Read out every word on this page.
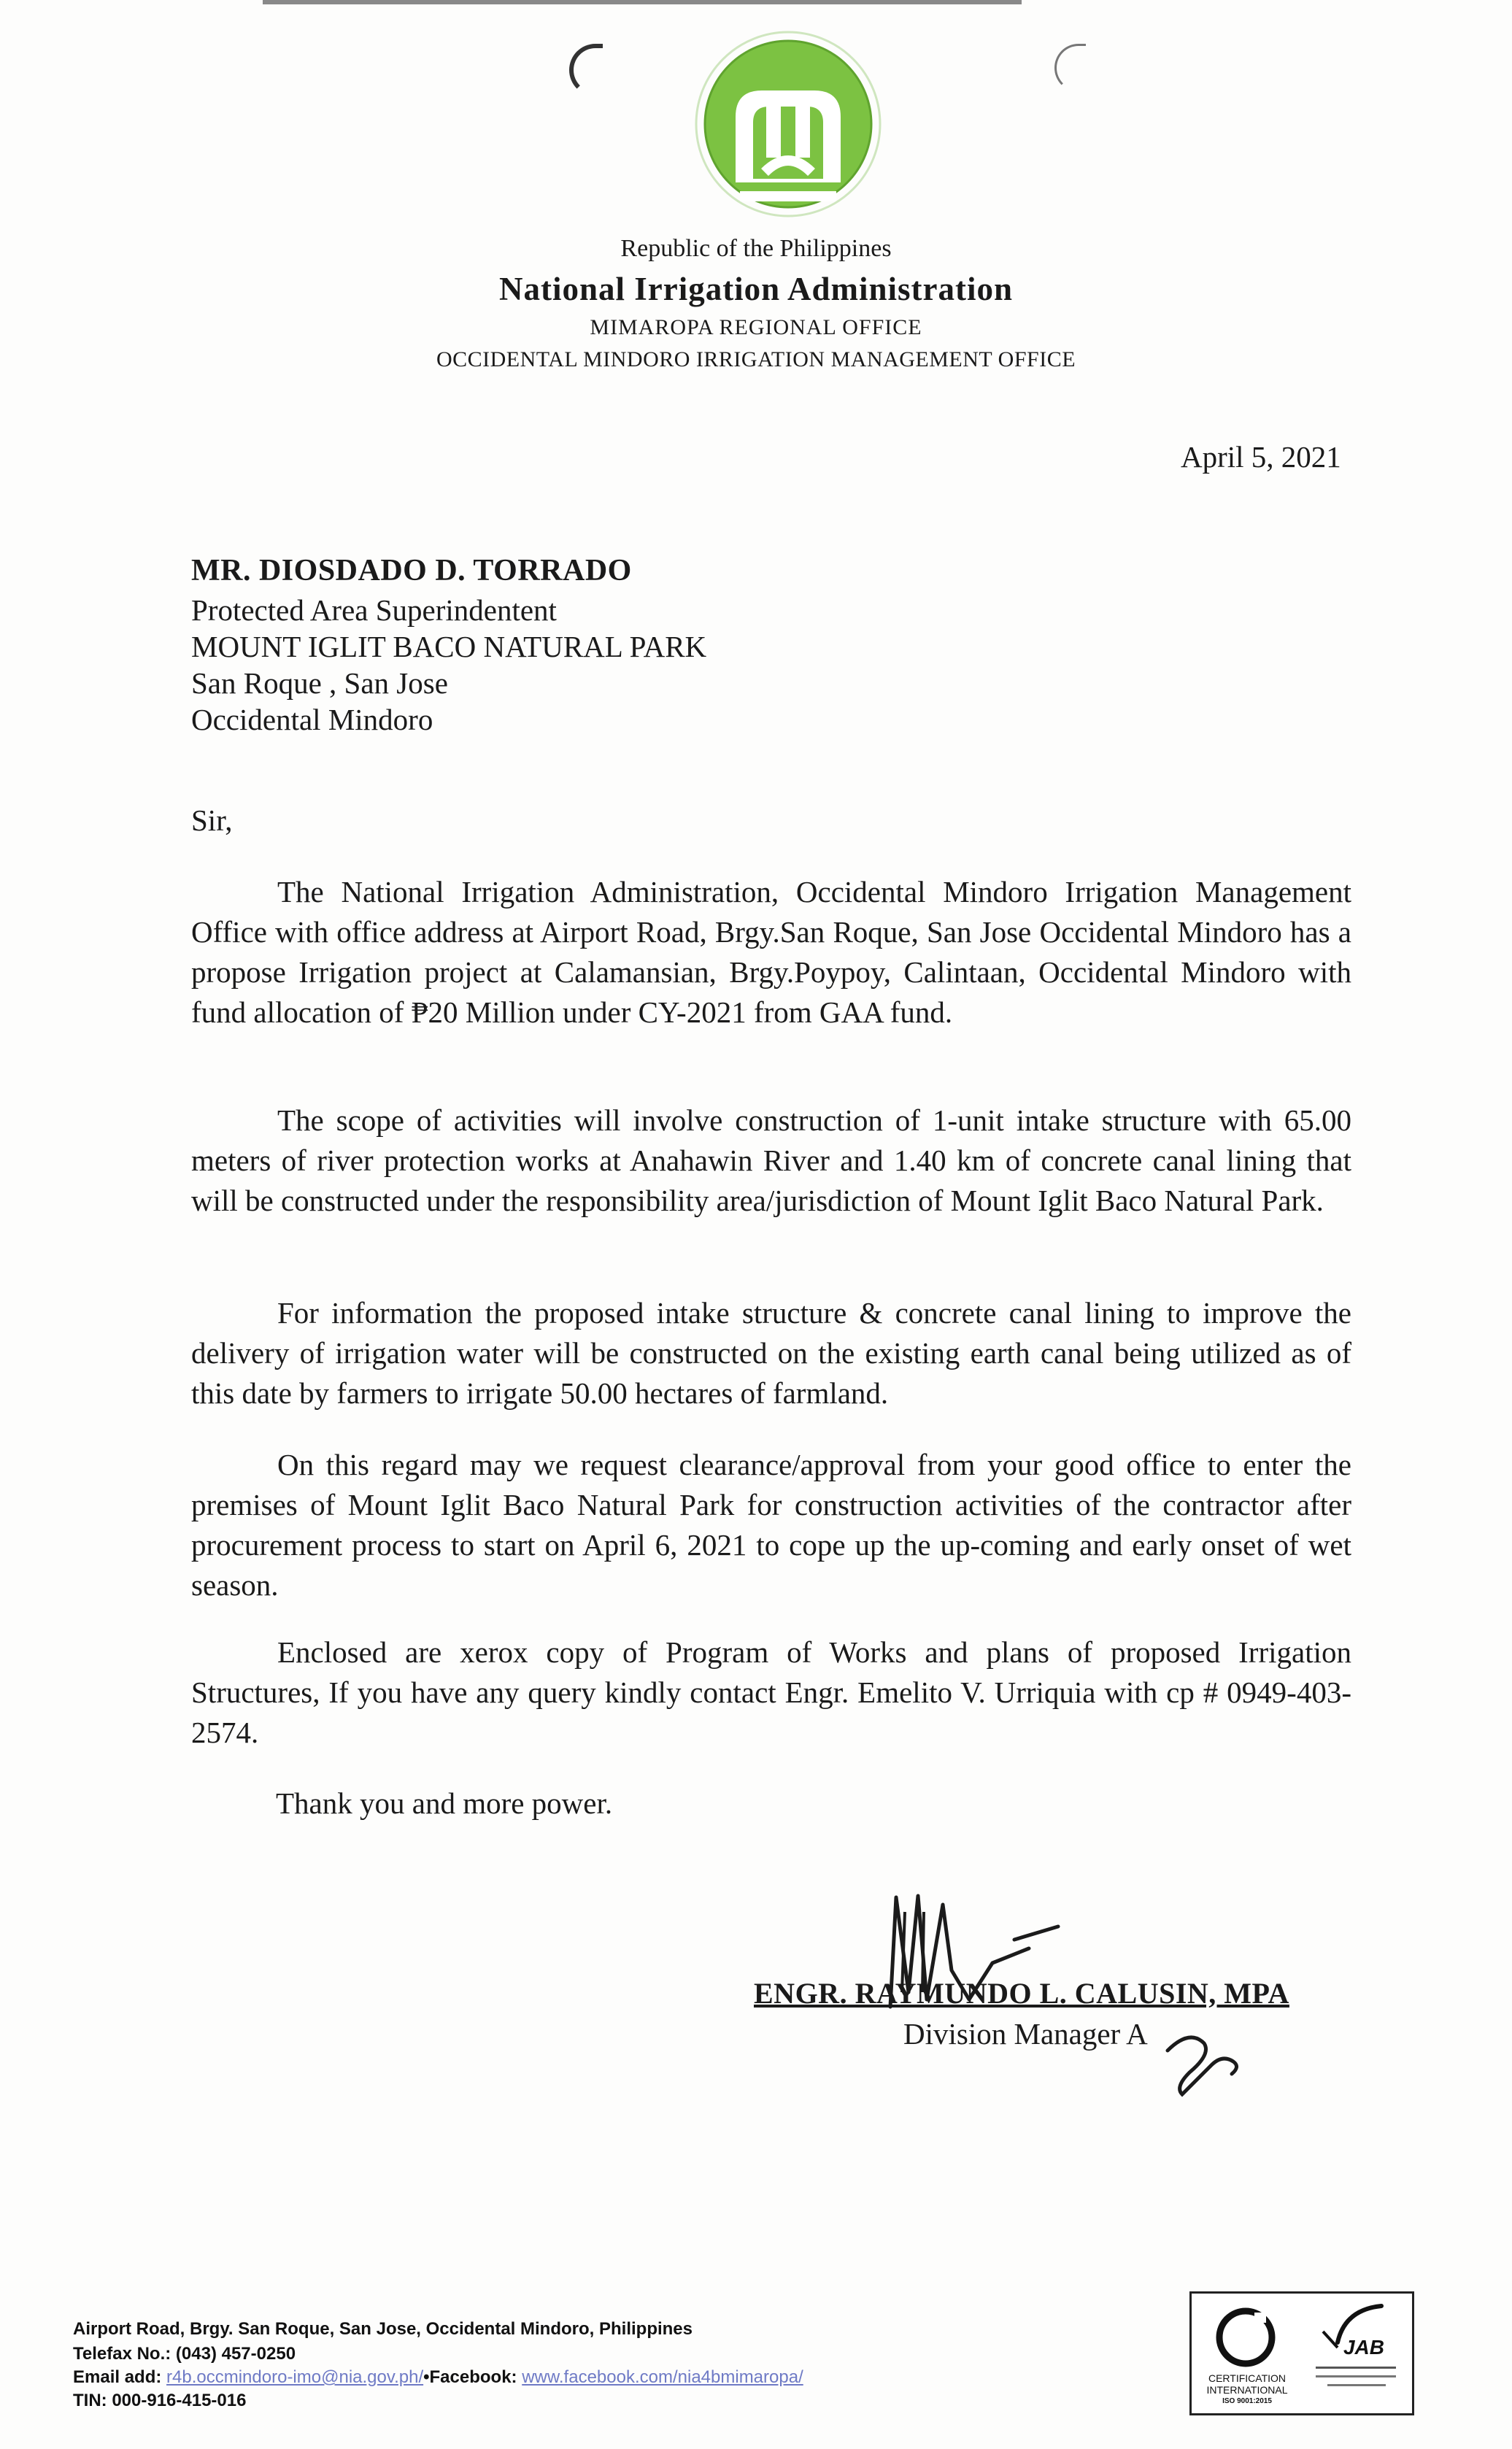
Republic of the Philippines
National Irrigation Administration
MIMAROPA REGIONAL OFFICE
OCCIDENTAL MINDORO IRRIGATION MANAGEMENT OFFICE
April 5, 2021
MR. DIOSDADO D. TORRADO
Protected Area Superindentent
MOUNT IGLIT BACO NATURAL PARK
San Roque , San Jose
Occidental Mindoro
Sir,
The National Irrigation Administration, Occidental Mindoro Irrigation Management Office with office address at Airport Road, Brgy.San Roque, San Jose Occidental Mindoro has a propose Irrigation project at Calamansian, Brgy.Poypoy, Calintaan, Occidental Mindoro with fund allocation of ₱20 Million under CY-2021 from GAA fund.
The scope of activities will involve construction of 1-unit intake structure with 65.00 meters of river protection works at Anahawin River and 1.40 km of concrete canal lining that will be constructed under the responsibility area/jurisdiction of Mount Iglit Baco Natural Park.
For information the proposed intake structure & concrete canal lining to improve the delivery of irrigation water will be constructed on the existing earth canal being utilized as of this date by farmers to irrigate 50.00 hectares of farmland.
On this regard may we request clearance/approval from your good office to enter the premises of Mount Iglit Baco Natural Park for construction activities of the contractor after procurement process to start on April 6, 2021 to cope up the up-coming and early onset of wet season.
Enclosed are xerox copy of Program of Works and plans of proposed Irrigation Structures, If you have any query kindly contact Engr. Emelito V. Urriquia with cp # 0949-403-2574.
Thank you and more power.
ENGR. RAYMUNDO L. CALUSIN, MPA
Division Manager A
Airport Road, Brgy. San Roque, San Jose, Occidental Mindoro, Philippines
Telefax No.: (043) 457-0250
Email add: r4b.occmindoro-imo@nia.gov.ph/•Facebook: www.facebook.com/nia4bmimaropa/
TIN: 000-916-415-016
CERTIFICATION
INTERNATIONAL
ISO 9001:2015
JAB
